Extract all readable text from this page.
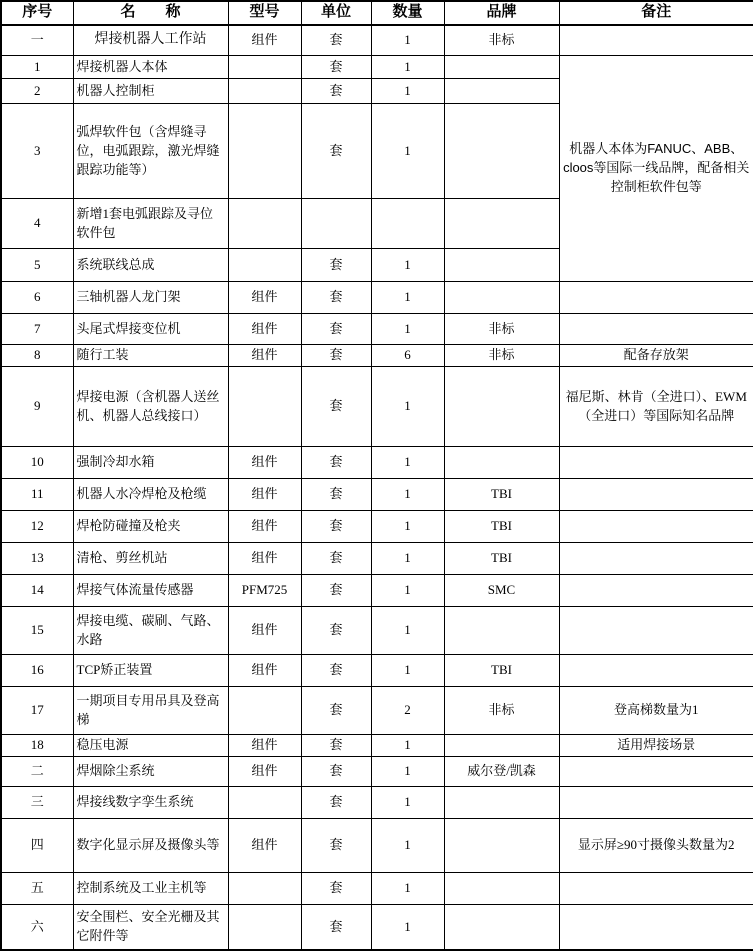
序号	名　　称	型号	单位	数量	品牌	备注
一	焊接机器人工作站	组件	套	1	非标	
1	焊接机器人本体		套	1		机器人本体为FANUC、ABB、cloos等国际一线品牌，配备相关控制柜软件包等
2	机器人控制柜		套	1		
3	弧焊软件包（含焊缝寻位，电弧跟踪，激光焊缝跟踪功能等）		套	1		
4	新增1套电弧跟踪及寻位软件包					
5	系统联线总成		套	1		
6	三轴机器人龙门架	组件	套	1		
7	头尾式焊接变位机	组件	套	1	非标	
8	随行工装	组件	套	6	非标	配备存放架
9	焊接电源（含机器人送丝机、机器人总线接口）		套	1		福尼斯、林肯（全进口）、EWM（全进口）等国际知名品牌
10	强制冷却水箱	组件	套	1		
11	机器人水冷焊枪及枪缆	组件	套	1	TBI	
12	焊枪防碰撞及枪夹	组件	套	1	TBI	
13	清枪、剪丝机站	组件	套	1	TBI	
14	焊接气体流量传感器	PFM725	套	1	SMC	
15	焊接电缆、碳刷、气路、水路	组件	套	1		
16	TCP矫正装置	组件	套	1	TBI	
17	一期项目专用吊具及登高梯		套	2	非标	登高梯数量为1
18	稳压电源	组件	套	1		适用焊接场景
二	焊烟除尘系统	组件	套	1	威尔登/凯森	
三	焊接线数字孪生系统		套	1		
四	数字化显示屏及摄像头等	组件	套	1		显示屏≥90寸摄像头数量为2
五	控制系统及工业主机等		套	1		
六	安全围栏、安全光栅及其它附件等		套	1		
